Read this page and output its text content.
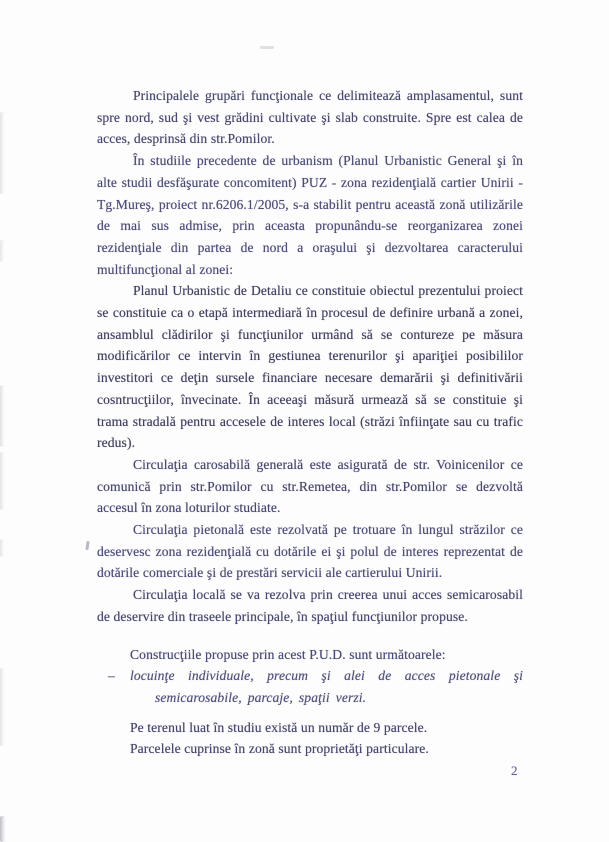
Principalele grupări funcţionale ce delimitează amplasamentul, sunt spre nord, sud şi vest grădini cultivate şi slab construite. Spre est calea de acces, desprinsă din str.Pomilor.

În studiile precedente de urbanism (Planul Urbanistic General şi în alte studii desfăşurate concomitent) PUZ - zona rezidenţială cartier Unirii - Tg.Mureş, proiect nr.6206.1/2005, s-a stabilit pentru această zonă utilizările de mai sus admise, prin aceasta propunându-se reorganizarea zonei rezidenţiale din partea de nord a oraşului şi dezvoltarea caracterului multifuncţional al zonei:

Planul Urbanistic de Detaliu ce constituie obiectul prezentului proiect se constituie ca o etapă intermediară în procesul de definire urbană a zonei, ansamblul clădirilor şi funcţiunilor urmând să se contureze pe măsura modificărilor ce intervin în gestiunea terenurilor şi apariţiei posibililor investitori ce deţin sursele financiare necesare demarării şi definitivării cosntrucţiilor, învecinate. În aceeaşi măsură urmează să se constituie şi trama stradală pentru accesele de interes local (străzi înfiinţate sau cu trafic redus).

Circulaţia carosabilă generală este asigurată de str. Voinicenilor ce comunică prin str.Pomilor cu str.Remetea, din str.Pomilor se dezvoltă accesul în zona loturilor studiate.

Circulaţia pietonală este rezolvată pe trotuare în lungul străzilor ce deservesc zona rezidenţială cu dotările ei şi polul de interes reprezentat de dotările comerciale şi de prestări servicii ale cartierului Unirii.

Circulaţia locală se va rezolva prin creerea unui acces semicarosabil de deservire din traseele principale, în spaţiul funcţiunilor propuse.

Construcţiile propuse prin acest P.U.D. sunt următoarele:

– locuinţe individuale, precum şi alei de acces pietonale şi semicarosabile, parcaje, spaţii verzi.

Pe terenul luat în studiu există un număr de 9 parcele.

Parcelele cuprinse în zonă sunt proprietăţi particulare.

2
